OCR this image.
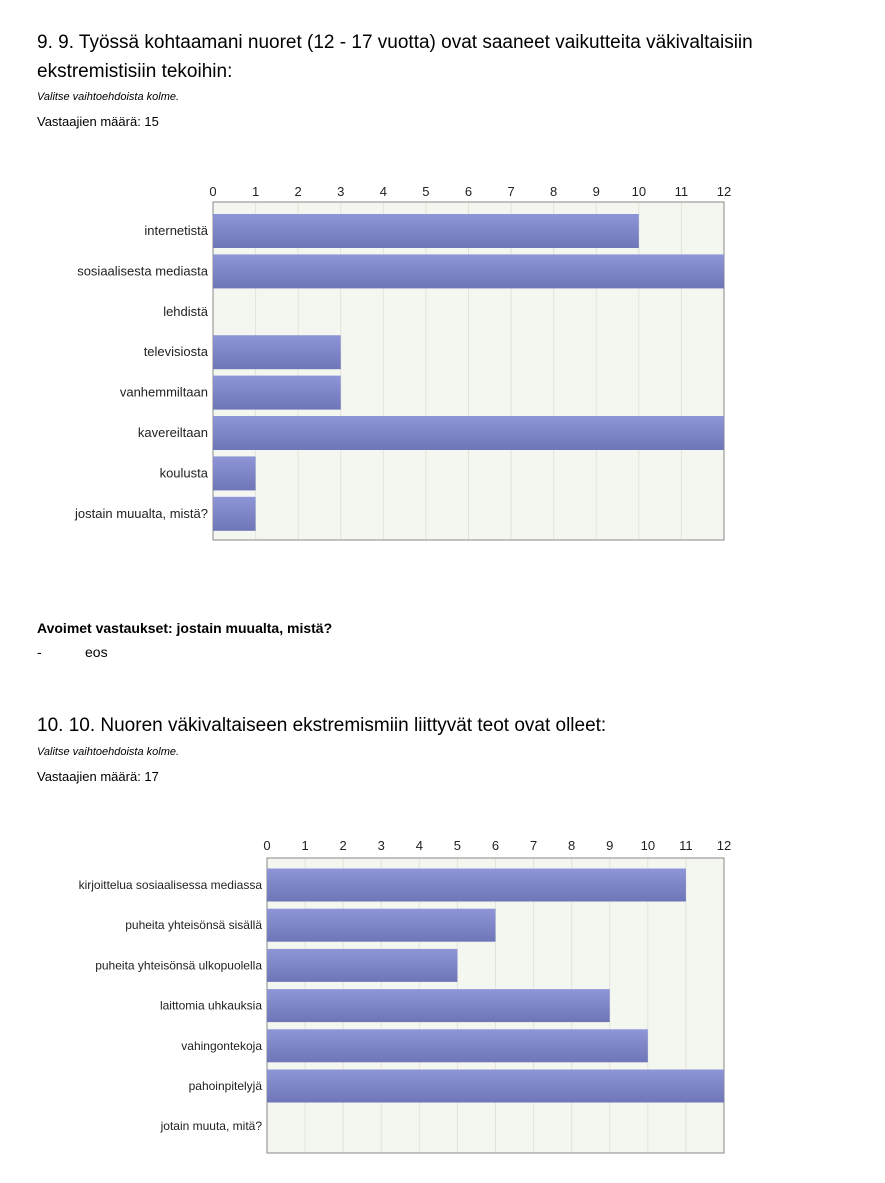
9. 9. Työssä kohtaamani nuoret (12 - 17 vuotta) ovat saaneet vaikutteita väkivaltaisiin
ekstremistisiin tekoihin:
Valitse vaihtoehdoista kolme.
Vastaajien määrä: 15
0	1	2	3	4	5	6	7	8	9 10 11 12
internetistä
sosiaalisesta mediasta
lehdistä
televisiosta
vanhemmiltaan
kavereiltaan
koulusta
jostain muualta, mistä?
Avoimet vastaukset: jostain muualta, mistä?
-	eos
10. 10. Nuoren väkivaltaiseen ekstremismiin liittyvät teot ovat olleet:
Valitse vaihtoehdoista kolme.
Vastaajien määrä: 17
0 1 2 3 4 5 6 7 8 9 10 11 12
kirjoittelua sosiaalisessa mediassa
puheita yhteisönsä sisällä
puheita yhteisönsä ulkopuolella
laittomia uhkauksia
vahingontekoja
pahoinpitelyjä
jotain muuta, mitä?
